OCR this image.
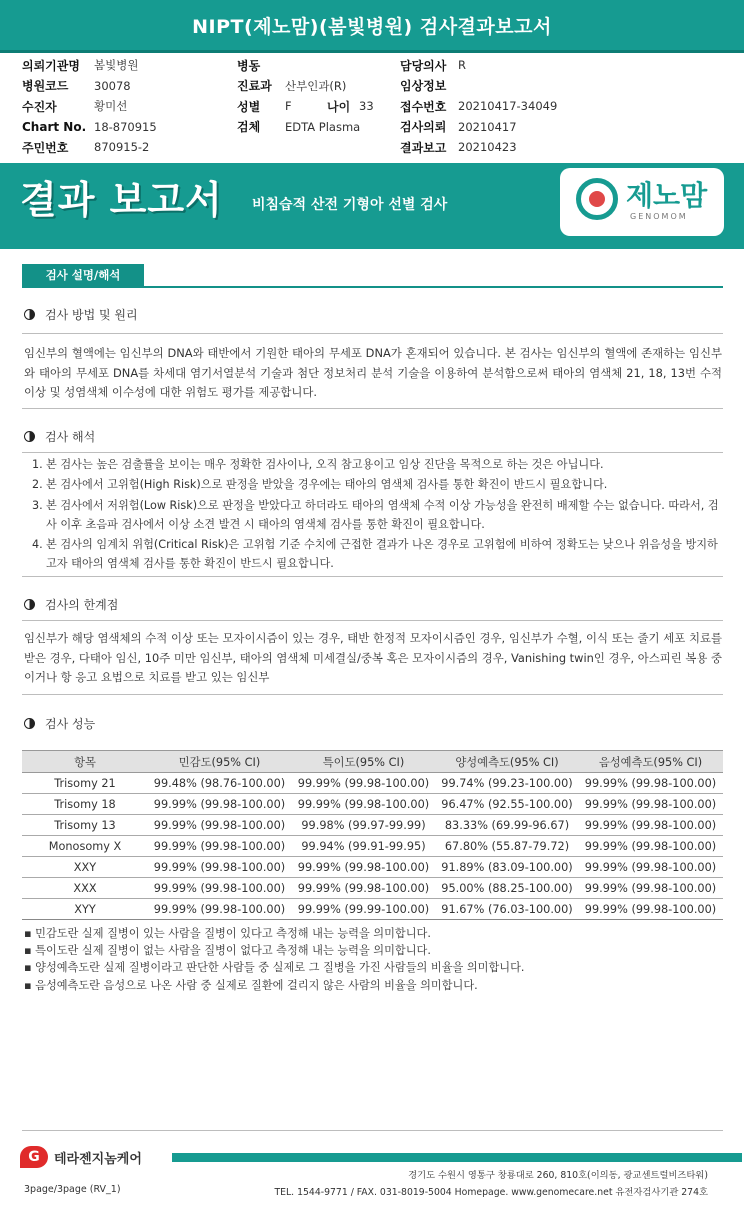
NIPT(제노맘)(봄빛병원) 검사결과보고서
의뢰기관명	봄빛병원
병원코드	30078
수진자	황미선
Chart No. 18-870915
주민번호	870915-2
병동
진료과	산부인과(R)
성별	F	나이 33
검체	EDTA Plasma
담당의사	R
임상정보
접수번호	20210417-34049
검사의뢰	20210417
결과보고	20210423
결과 보고서 비침습적 산전 기형아 선별 검사	제노맘
GENOMOM
검사 설명/해석
검사 방법 및 원리
임신부의 혈액에는 임신부의 DNA와 태반에서 기원한 태아의 무세포 DNA가 혼재되어 있습니다. 본 검사는 임신부의 혈액에 존재하는 임신부와 태아의 무세포 DNA를 차세대 염기서열분석 기술과 첨단 정보처리 분석 기술을 이용하여 분석함으로써 태아의 염색체 21, 18, 13번 수적 이상 및 성염색체 이수성에 대한 위험도 평가를 제공합니다.
검사 해석
1. 본 검사는 높은 검출률을 보이는 매우 정확한 검사이나, 오직 참고용이고 임상 진단을 목적으로 하는 것은 아닙니다.
2. 본 검사에서 고위험(High Risk)으로 판정을 받았을 경우에는 태아의 염색체 검사를 통한 확진이 반드시 필요합니다.
3. 본 검사에서 저위험(Low Risk)으로 판정을 받았다고 하더라도 태아의 염색체 수적 이상 가능성을 완전히 배제할 수는 없습니다. 따라서, 검사 이후 초음파 검사에서 이상 소견 발견 시 태아의 염색체 검사를 통한 확진이 필요합니다.
4. 본 검사의 임계치 위험(Critical Risk)은 고위험 기준 수치에 근접한 결과가 나온 경우로 고위험에 비하여 정확도는 낮으나 위음성을 방지하고자 태아의 염색체 검사를 통한 확진이 반드시 필요합니다.
검사의 한계점
임신부가 해당 염색체의 수적 이상 또는 모자이시즘이 있는 경우, 태반 한정적 모자이시즘인 경우, 임신부가 수혈, 이식 또는 줄기 세포 치료를 받은 경우, 다태아 임신, 10주 미만 임신부, 태아의 염색체 미세결실/중복 혹은 모자이시즘의 경우, Vanishing twin인 경우, 아스피린 복용 중이거나 항 응고 요법으로 치료를 받고 있는 임신부
검사 성능
항목	민감도(95% CI)	특이도(95% CI)	양성예측도(95% CI)	음성예측도(95% CI)
Trisomy 21	99.48% (98.76-100.00)	99.99% (99.98-100.00)	99.74% (99.23-100.00)	99.99% (99.98-100.00)
Trisomy 18	99.99% (99.98-100.00)	99.99% (99.98-100.00)	96.47% (92.55-100.00)	99.99% (99.98-100.00)
Trisomy 13	99.99% (99.98-100.00)	99.98% (99.97-99.99)	83.33% (69.99-96.67)	99.99% (99.98-100.00)
Monosomy X	99.99% (99.98-100.00)	99.94% (99.91-99.95)	67.80% (55.87-79.72)	99.99% (99.98-100.00)
XXY	99.99% (99.98-100.00)	99.99% (99.98-100.00)	91.89% (83.09-100.00)	99.99% (99.98-100.00)
XXX	99.99% (99.98-100.00)	99.99% (99.98-100.00)	95.00% (88.25-100.00)	99.99% (99.98-100.00)
XYY	99.99% (99.98-100.00)	99.99% (99.99-100.00)	91.67% (76.03-100.00)	99.99% (99.98-100.00)
▪ 민감도란 실제 질병이 있는 사람을 질병이 있다고 측정해 내는 능력을 의미합니다.
▪ 특이도란 실제 질병이 없는 사람을 질병이 없다고 측정해 내는 능력을 의미합니다.
▪ 양성예측도란 실제 질병이라고 판단한 사람들 중 실제로 그 질병을 가진 사람들의 비율을 의미합니다.
▪ 음성예측도란 음성으로 나온 사람 중 실제로 질환에 걸리지 않은 사람의 비율을 의미합니다.
G	테라젠지놈케어
경기도 수원시 영통구 창룡대로 260, 810호(이의동, 광교센트럴비즈타워)
TEL. 1544-9771 / FAX. 031-8019-5004 Homepage. www.genomecare.net 유전자검사기관 274호
3page/3page (RV_1)
